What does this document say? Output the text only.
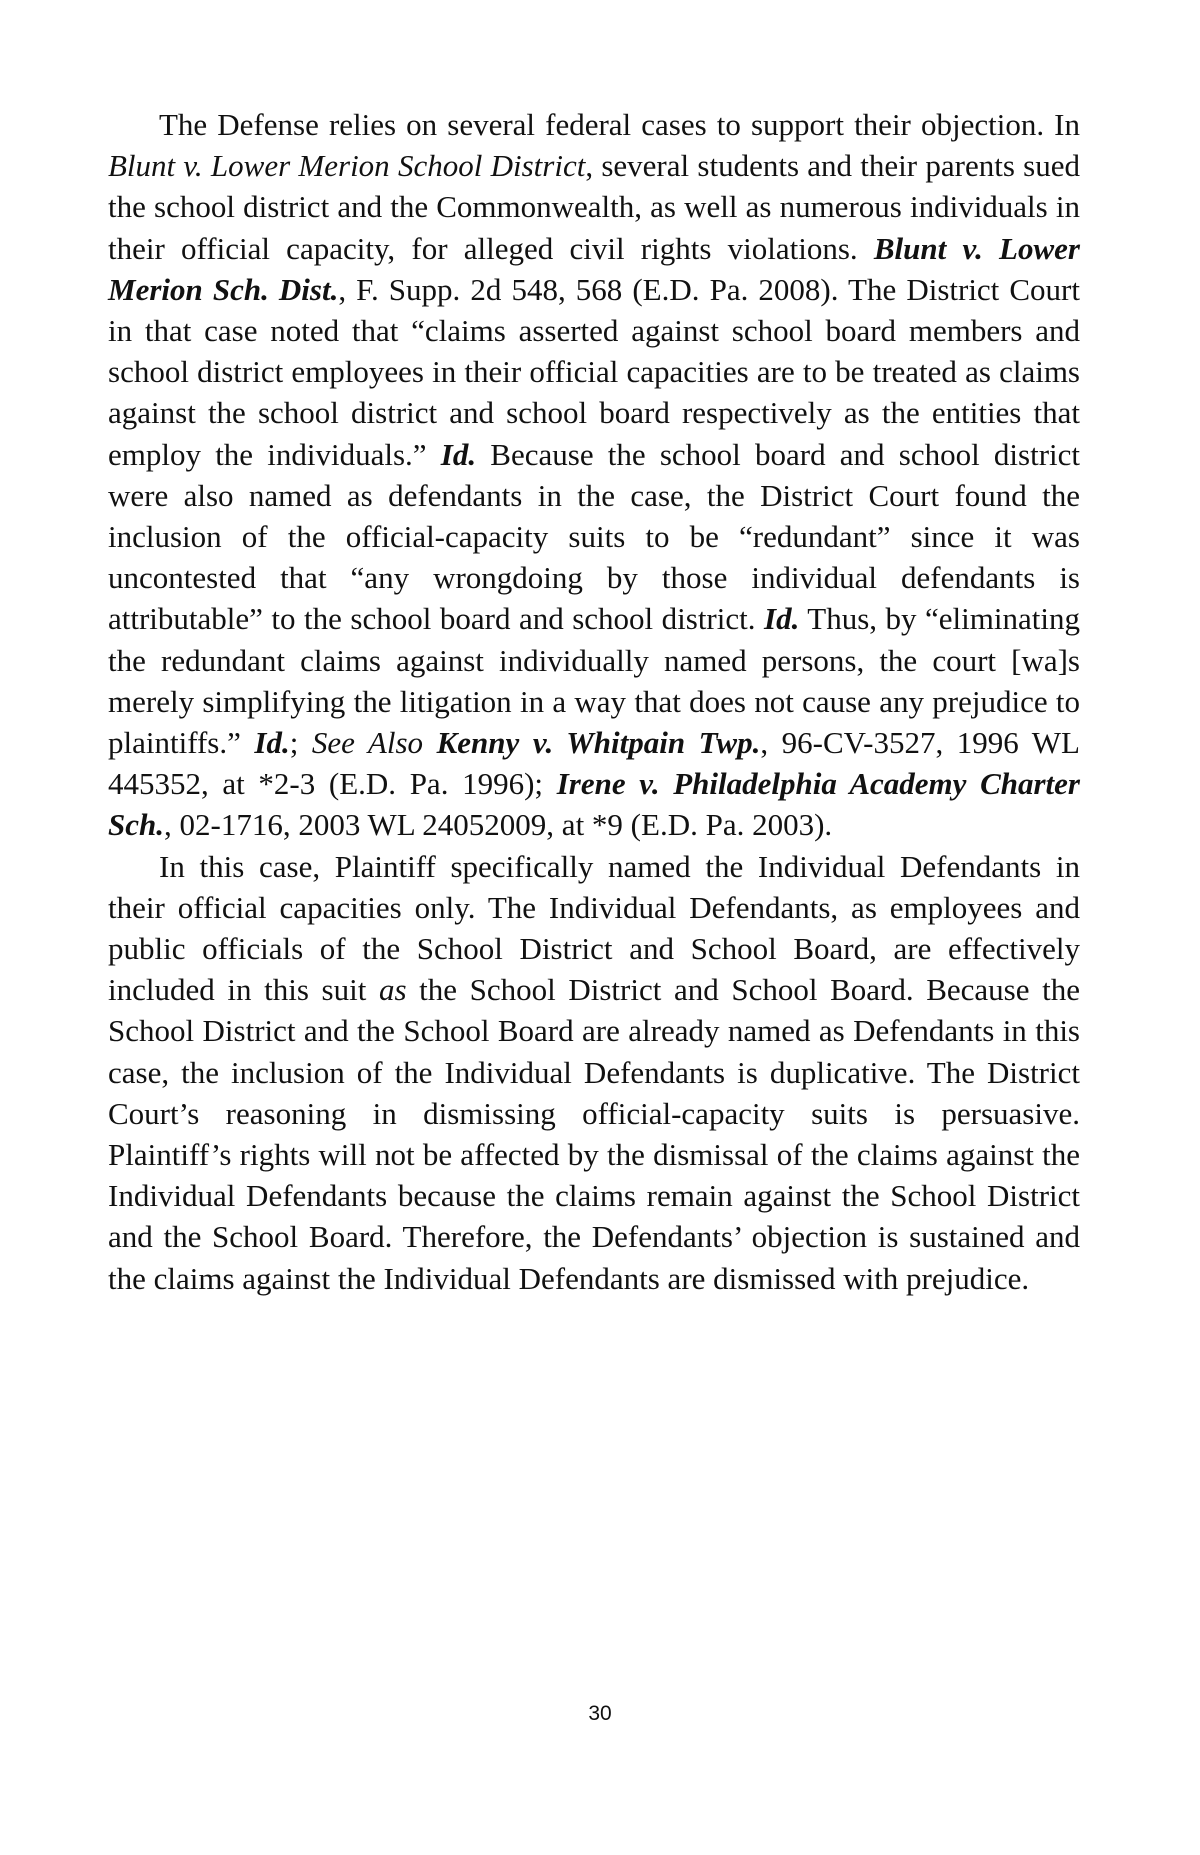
The Defense relies on several federal cases to support their objection. In Blunt v. Lower Merion School District, several students and their parents sued the school district and the Commonwealth, as well as numerous individuals in their official capacity, for alleged civil rights violations. Blunt v. Lower Merion Sch. Dist., F. Supp. 2d 548, 568 (E.D. Pa. 2008). The District Court in that case noted that “claims asserted against school board members and school district employees in their official capacities are to be treated as claims against the school district and school board respectively as the entities that employ the individuals.” Id. Because the school board and school district were also named as defendants in the case, the District Court found the inclusion of the official-capacity suits to be “redundant” since it was uncontested that “any wrongdoing by those individual defendants is attributable” to the school board and school district. Id. Thus, by “eliminating the redundant claims against individually named persons, the court [wa]s merely simplifying the litigation in a way that does not cause any prejudice to plaintiffs.” Id.; See Also Kenny v. Whitpain Twp., 96-CV-3527, 1996 WL 445352, at *2-3 (E.D. Pa. 1996); Irene v. Philadelphia Academy Charter Sch., 02-1716, 2003 WL 24052009, at *9 (E.D. Pa. 2003).

In this case, Plaintiff specifically named the Individual Defendants in their official capacities only. The Individual Defendants, as employees and public officials of the School District and School Board, are effectively included in this suit as the School District and School Board. Because the School District and the School Board are already named as Defendants in this case, the inclusion of the Individual Defendants is duplicative. The District Court’s reasoning in dismissing official-capacity suits is persuasive. Plaintiff’s rights will not be affected by the dismissal of the claims against the Individual Defendants because the claims remain against the School District and the School Board. Therefore, the Defendants’ objection is sustained and the claims against the Individual Defendants are dismissed with prejudice.

30
